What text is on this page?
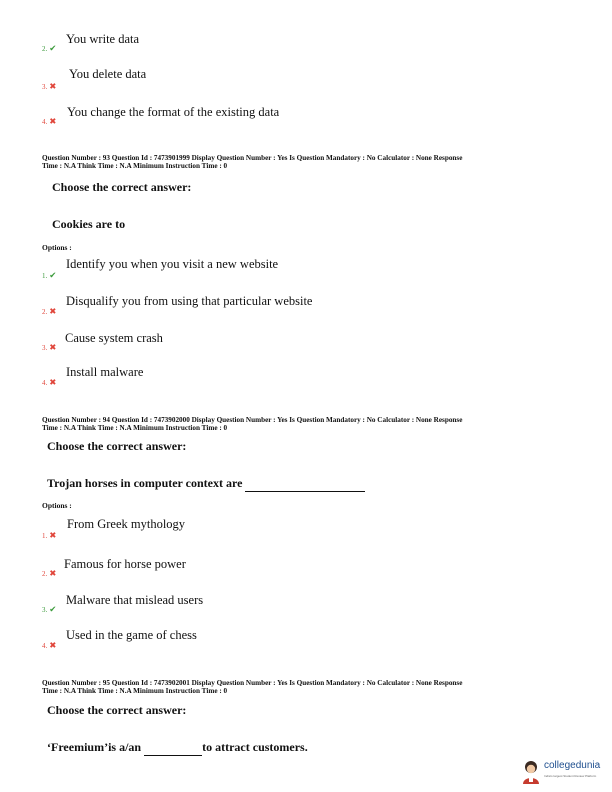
2. ✔
You write data
3. ✖
You delete data
4. ✖
You change the format of the existing data
Question Number : 93 Question Id : 7473901999 Display Question Number : Yes Is Question Mandatory : No Calculator : None Response
Time : N.A Think Time : N.A Minimum Instruction Time : 0
Choose the correct answer:
Cookies are to
Options :
1. ✔
Identify you when you visit a new website
2. ✖
Disqualify you from using that particular website
3. ✖
Cause system crash
4. ✖
Install malware
Question Number : 94 Question Id : 7473902000 Display Question Number : Yes Is Question Mandatory : No Calculator : None Response
Time : N.A Think Time : N.A Minimum Instruction Time : 0
Choose the correct answer:
Trojan horses in computer context are
Options :
1. ✖
From Greek mythology
2. ✖
Famous for horse power
3. ✔
Malware that mislead users
4. ✖
Used in the game of chess
Question Number : 95 Question Id : 7473902001 Display Question Number : Yes Is Question Mandatory : No Calculator : None Response
Time : N.A Think Time : N.A Minimum Instruction Time : 0
Choose the correct answer:
‘Freemium’is a/an	to attract customers.
collegedunia
India's largest Student Review Platform
